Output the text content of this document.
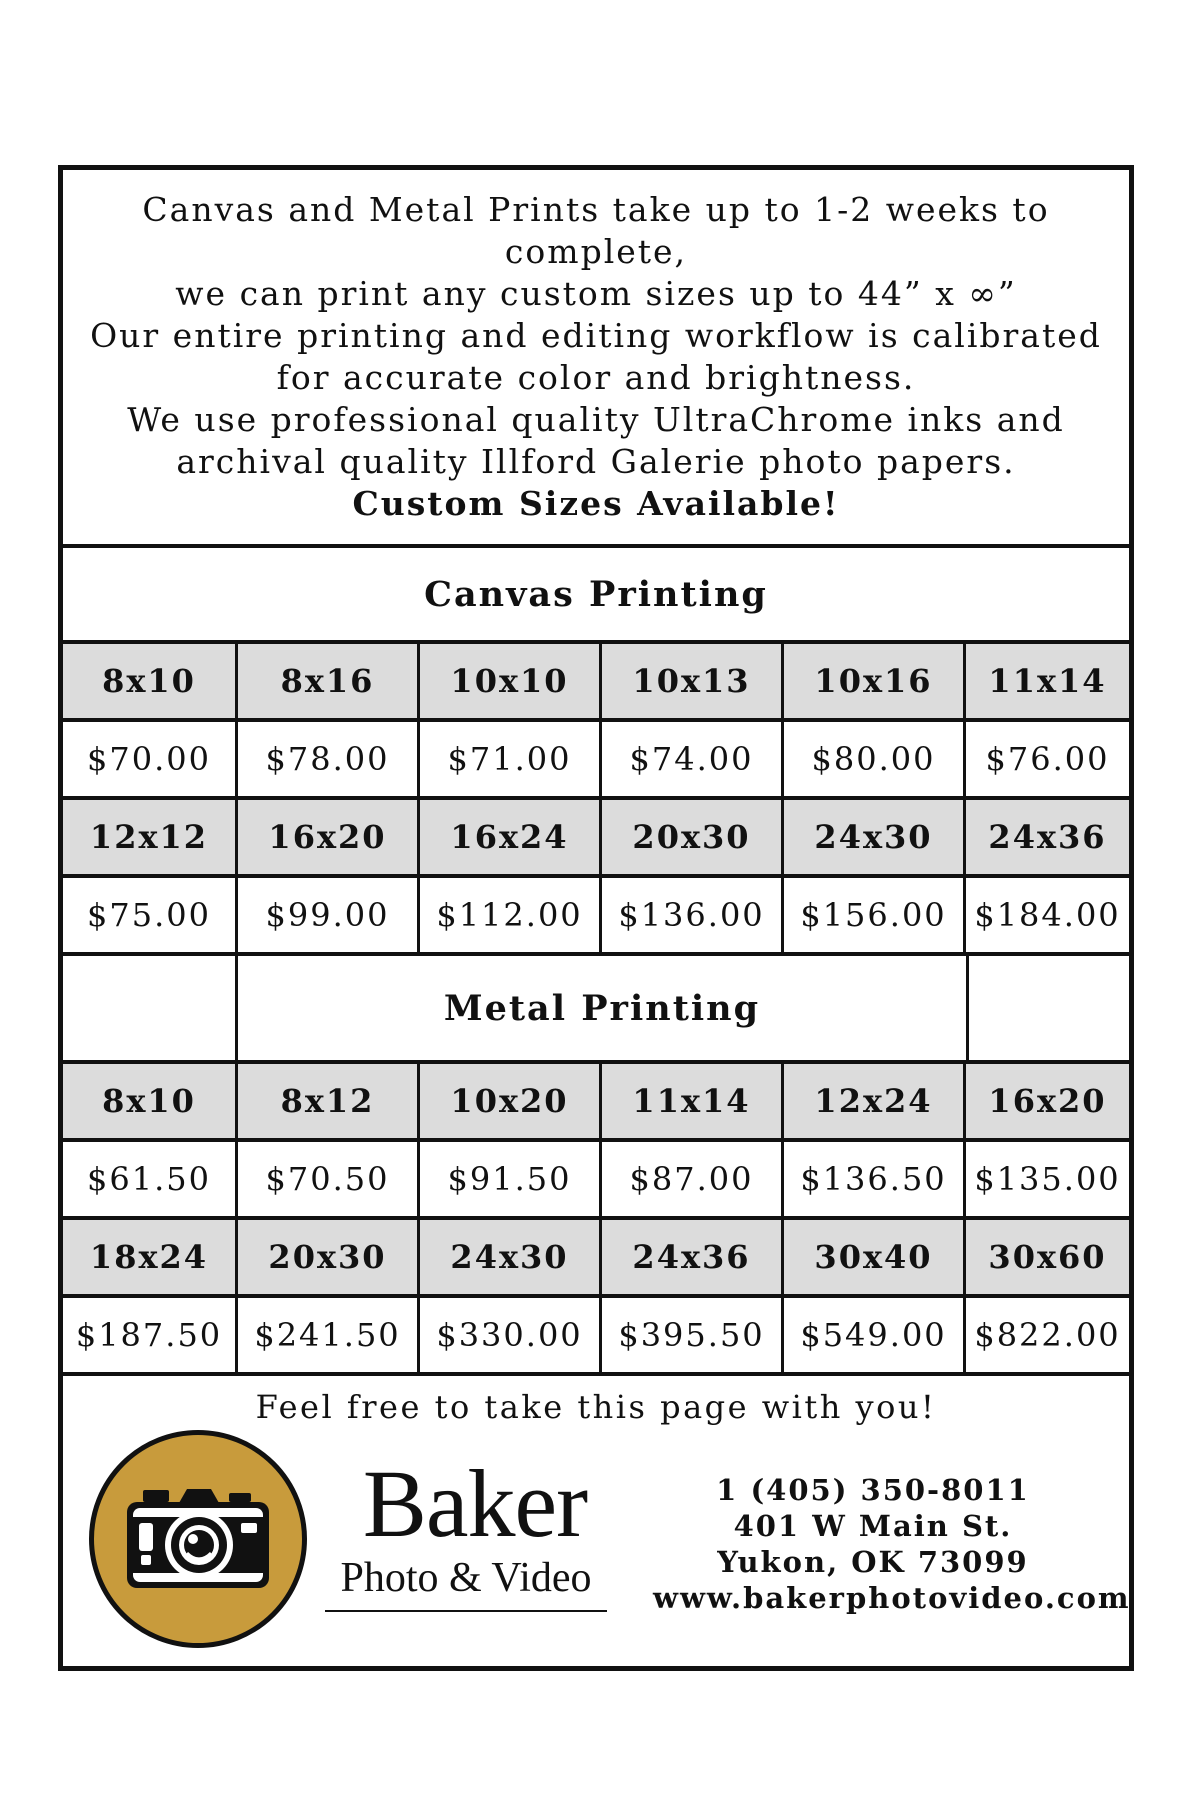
Canvas and Metal Prints take up to 1-2 weeks to complete,
we can print any custom sizes up to 44” x ∞”
Our entire printing and editing workflow is calibrated
for accurate color and brightness.
We use professional quality UltraChrome inks and
archival quality Illford Galerie photo papers.
Custom Sizes Available!
Canvas Printing
8x10	8x16	10x10	10x13	10x16	11x14
$70.00	$78.00	$71.00	$74.00	$80.00	$76.00
12x12	16x20	16x24	20x30	24x30	24x36
$75.00	$99.00	$112.00	$136.00	$156.00 $184.00
Metal Printing
8x10	8x12	10x20	11x14	12x24	16x20
$61.50	$70.50	$91.50	$87.00	$136.50 $135.00
18x24	20x30	24x30	24x36	30x40	30x60
$187.50	$241.50	$330.00	$395.50	$549.00 $822.00
Feel free to take this page with you!
Baker
Photo & Video
1 (405) 350-8011
401 W Main St.
Yukon, OK 73099
www.bakerphotovideo.com
